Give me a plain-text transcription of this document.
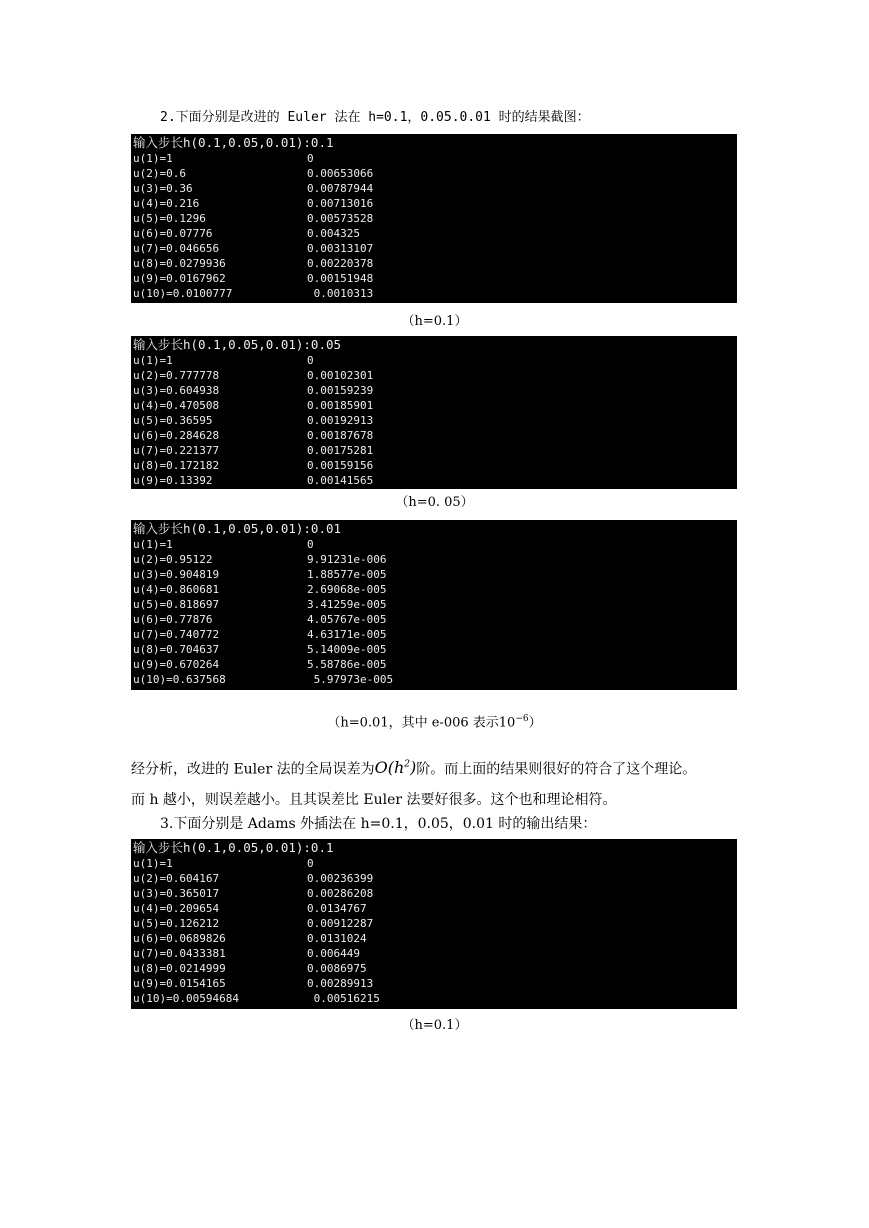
2.下面分别是改进的 Euler 法在 h=0.1，0.05.0.01 时的结果截图：
输入步长h(0.1,0.05,0.01):0.1
u(1)=1	0
u(2)=0.6	0.00653066
u(3)=0.36	0.00787944
u(4)=0.216	0.00713016
u(5)=0.1296	0.00573528
u(6)=0.07776	0.004325
u(7)=0.046656	0.00313107
u(8)=0.0279936	0.00220378
u(9)=0.0167962	0.00151948
u(10)=0.0100777	0.0010313
（h=0.1）
输入步长h(0.1,0.05,0.01):0.05
u(1)=1	0
u(2)=0.777778	0.00102301
u(3)=0.604938	0.00159239
u(4)=0.470508	0.00185901
u(5)=0.36595	0.00192913
u(6)=0.284628	0.00187678
u(7)=0.221377	0.00175281
u(8)=0.172182	0.00159156
u(9)=0.13392	0.00141565
（h=0. 05）
输入步长h(0.1,0.05,0.01):0.01
u(1)=1	0
u(2)=0.95122	9.91231e-006
u(3)=0.904819	1.88577e-005
u(4)=0.860681	2.69068e-005
u(5)=0.818697	3.41259e-005
u(6)=0.77876	4.05767e-005
u(7)=0.740772	4.63171e-005
u(8)=0.704637	5.14009e-005
u(9)=0.670264	5.58786e-005
u(10)=0.637568	5.97973e-005
（h=0.01，其中 e-006 表示$10^{-6}$）
经分析，改进的 Euler 法的全局误差为$O(h^2)$阶。而上面的结果则很好的符合了这个理论。
而 h 越小，则误差越小。且其误差比 Euler 法要好很多。这个也和理论相符。
3.下面分别是 Adams 外插法在 h=0.1，0.05，0.01 时的输出结果：
输入步长h(0.1,0.05,0.01):0.1
u(1)=1	0
u(2)=0.604167	0.00236399
u(3)=0.365017	0.00286208
u(4)=0.209654	0.0134767
u(5)=0.126212	0.00912287
u(6)=0.0689826	0.0131024
u(7)=0.0433381	0.006449
u(8)=0.0214999	0.0086975
u(9)=0.0154165	0.00289913
u(10)=0.00594684	0.00516215
（h=0.1）
